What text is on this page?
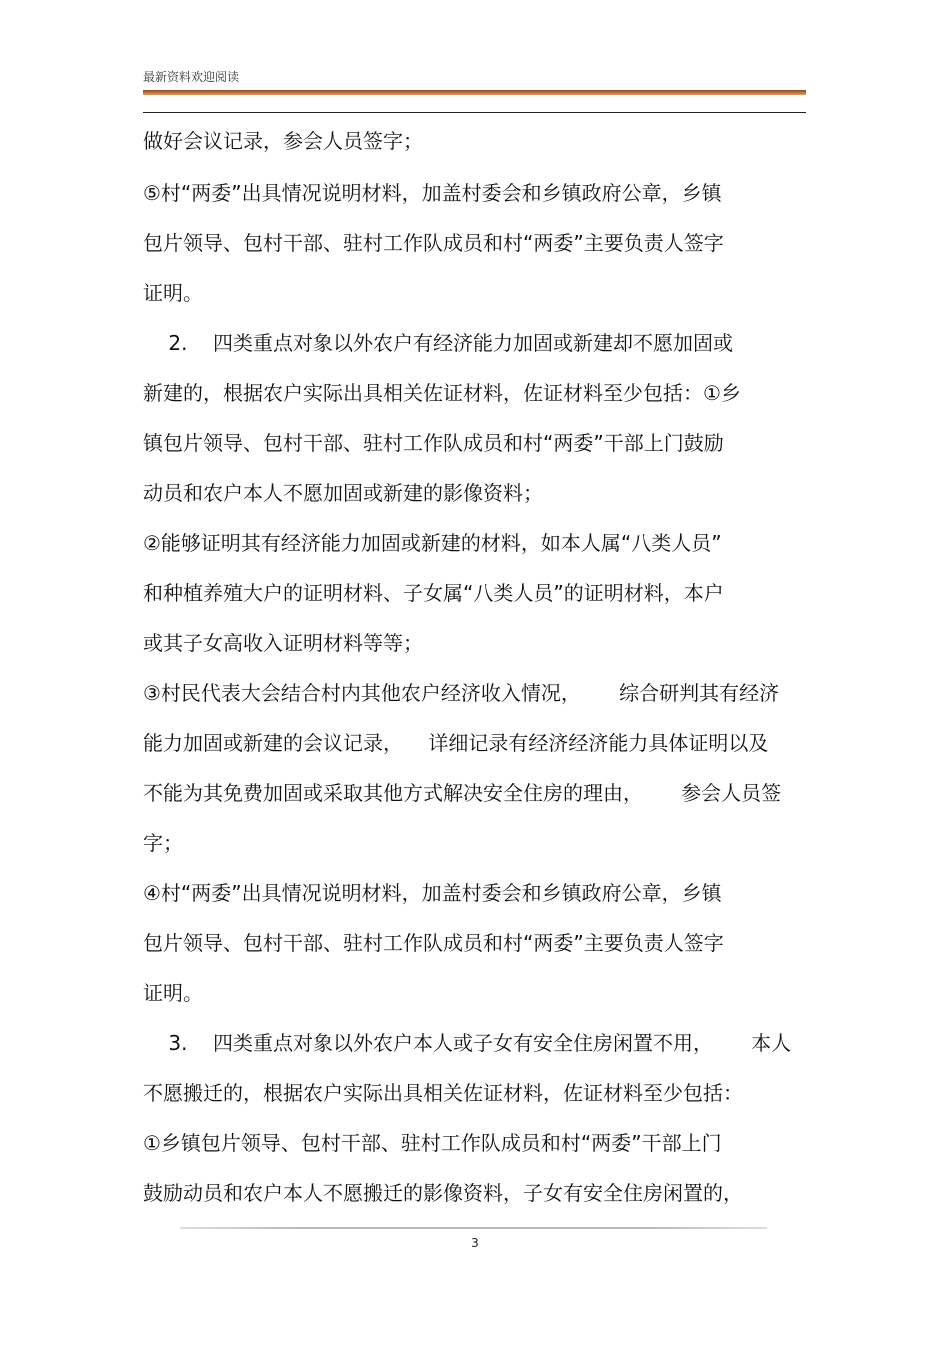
最新资料欢迎阅读
做好会议记录，参会人员签字；
⑤村“两委”出具情况说明材料，加盖村委会和乡镇政府公章，乡镇
包片领导、包村干部、驻村工作队成员和村“两委”主要负责人签字
证明。
2.    四类重点对象以外农户有经济能力加固或新建却不愿加固或
新建的，根据农户实际出具相关佐证材料，佐证材料至少包括：①乡
镇包片领导、包村干部、驻村工作队成员和村“两委”干部上门鼓励
动员和农户本人不愿加固或新建的影像资料；
②能够证明其有经济能力加固或新建的材料，如本人属“八类人员”
和种植养殖大户的证明材料、子女属“八类人员”的证明材料，本户
或其子女高收入证明材料等等；
③村民代表大会结合村内其他农户经济收入情况，      综合研判其有经济
能力加固或新建的会议记录，    详细记录有经济经济能力具体证明以及
不能为其免费加固或采取其他方式解决安全住房的理由，      参会人员签
字；
④村“两委”出具情况说明材料，加盖村委会和乡镇政府公章，乡镇
包片领导、包村干部、驻村工作队成员和村“两委”主要负责人签字
证明。
3.    四类重点对象以外农户本人或子女有安全住房闲置不用，      本人
不愿搬迁的，根据农户实际出具相关佐证材料，佐证材料至少包括：
①乡镇包片领导、包村干部、驻村工作队成员和村“两委”干部上门
鼓励动员和农户本人不愿搬迁的影像资料，子女有安全住房闲置的，
3
